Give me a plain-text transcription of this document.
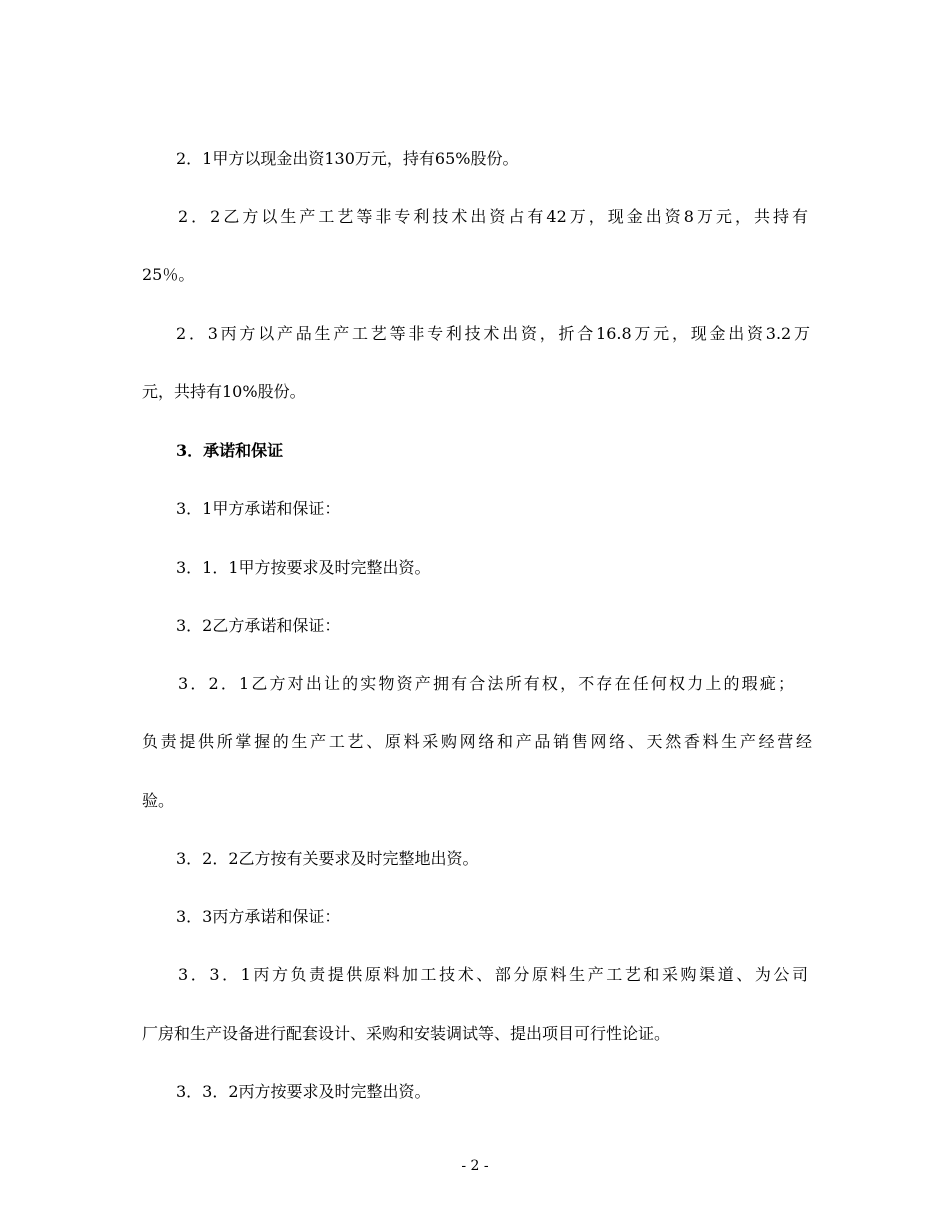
2．1甲方以现金出资130万元，持有65%股份。
2．2乙方以生产工艺等非专利技术出资占有42万，现金出资8万元，共持有
25％。
2．3丙方以产品生产工艺等非专利技术出资，折合16.8万元，现金出资3.2万
元，共持有10%股份。
3．承诺和保证
3．1甲方承诺和保证：
3．1．1甲方按要求及时完整出资。
3．2乙方承诺和保证：
3．2．1乙方对出让的实物资产拥有合法所有权，不存在任何权力上的瑕疵；
负责提供所掌握的生产工艺、原料采购网络和产品销售网络、天然香料生产经营经
验。
3．2．2乙方按有关要求及时完整地出资。
3．3丙方承诺和保证：
3．3．1丙方负责提供原料加工技术、部分原料生产工艺和采购渠道、为公司
厂房和生产设备进行配套设计、采购和安装调试等、提出项目可行性论证。
3．3．2丙方按要求及时完整出资。
- 2 -
